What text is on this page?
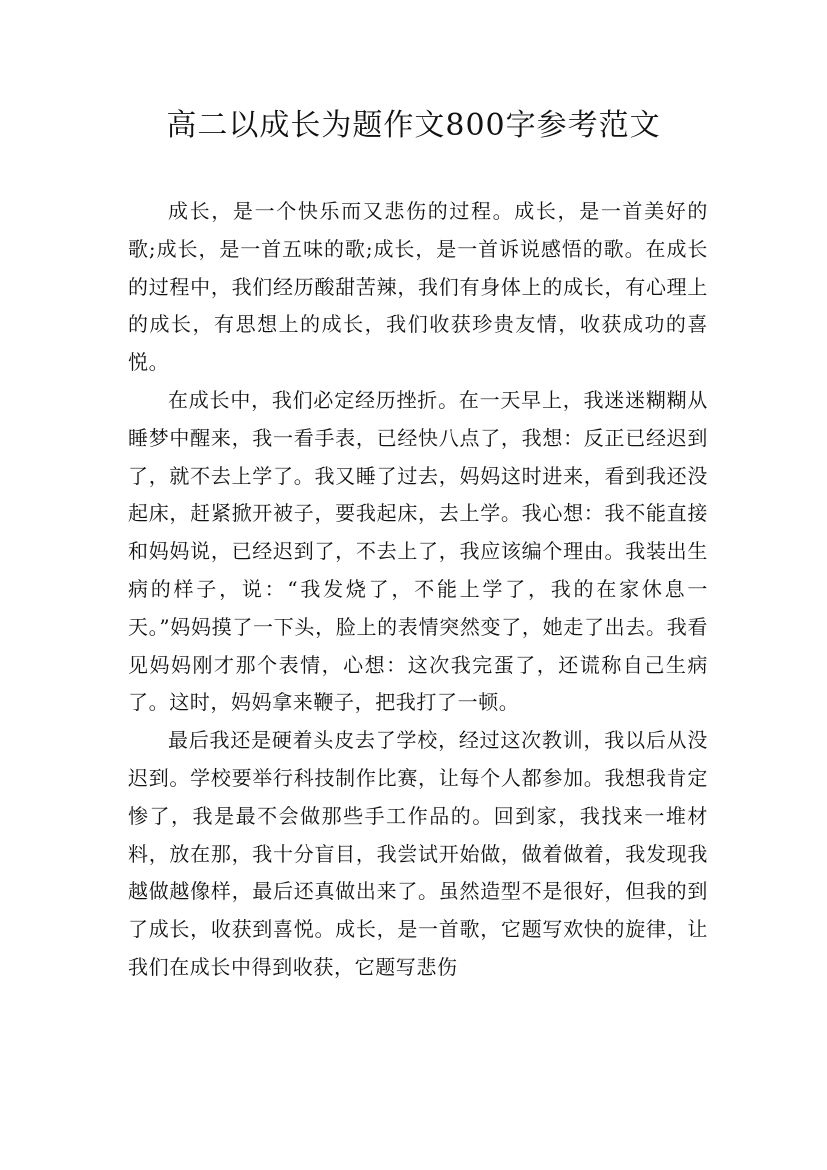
高二以成长为题作文800字参考范文

成长，是一个快乐而又悲伤的过程。成长，是一首美好的歌;成长，是一首五味的歌;成长，是一首诉说感悟的歌。在成长的过程中，我们经历酸甜苦辣，我们有身体上的成长，有心理上的成长，有思想上的成长，我们收获珍贵友情，收获成功的喜悦。

在成长中，我们必定经历挫折。在一天早上，我迷迷糊糊从睡梦中醒来，我一看手表，已经快八点了，我想：反正已经迟到了，就不去上学了。我又睡了过去，妈妈这时进来，看到我还没起床，赶紧掀开被子，要我起床，去上学。我心想：我不能直接和妈妈说，已经迟到了，不去上了，我应该编个理由。我装出生病的样子，说：“我发烧了，不能上学了，我的在家休息一天。”妈妈摸了一下头，脸上的表情突然变了，她走了出去。我看见妈妈刚才那个表情，心想：这次我完蛋了，还谎称自己生病了。这时，妈妈拿来鞭子，把我打了一顿。

最后我还是硬着头皮去了学校，经过这次教训，我以后从没迟到。学校要举行科技制作比赛，让每个人都参加。我想我肯定惨了，我是最不会做那些手工作品的。回到家，我找来一堆材料，放在那，我十分盲目，我尝试开始做，做着做着，我发现我越做越像样，最后还真做出来了。虽然造型不是很好，但我的到了成长，收获到喜悦。成长，是一首歌，它题写欢快的旋律，让我们在成长中得到收获，它题写悲伤
